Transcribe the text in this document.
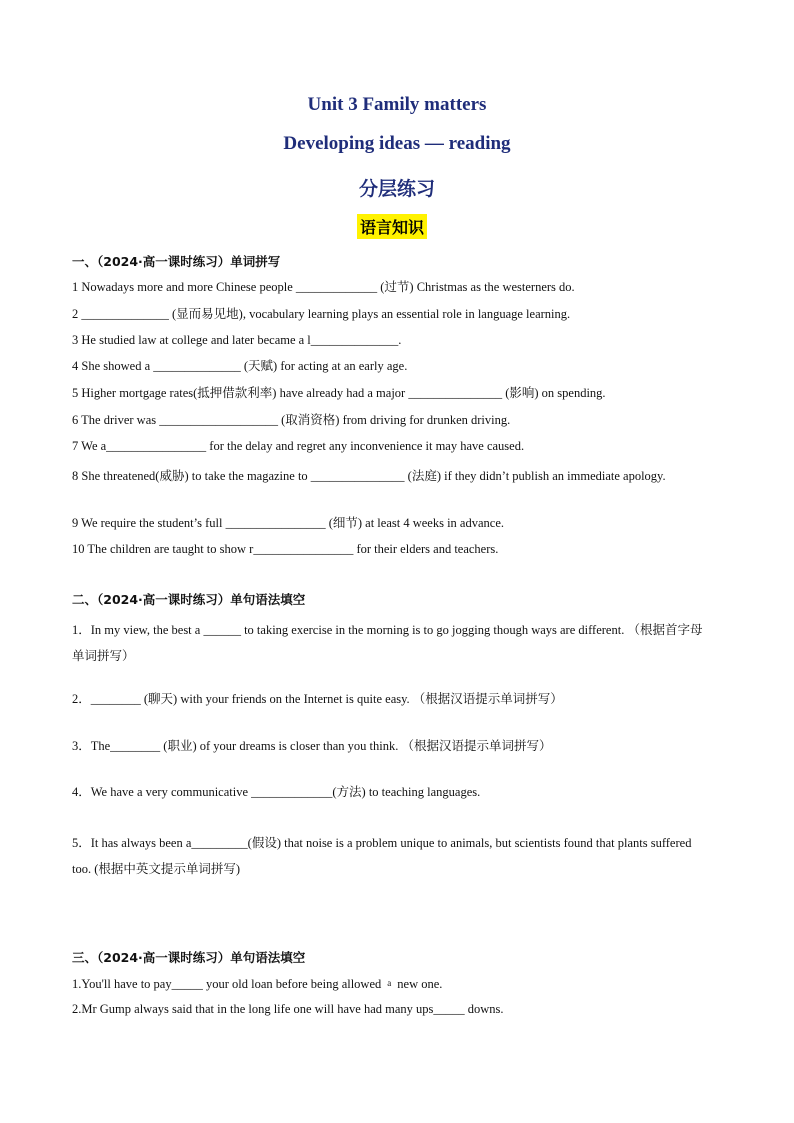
Unit 3 Family matters
Developing ideas — reading
分层练习
语言知识
一、（2024·高一课时练习）单词拼写
1 Nowadays more and more Chinese people _____________ (过节) Christmas as the westerners do.
2 ______________ (显而易见地), vocabulary learning plays an essential role in language learning.
3 He studied law at college and later became a l______________.
4 She showed a ______________ (天赋) for acting at an early age.
5 Higher mortgage rates(抵押借款利率) have already had a major _______________ (影响) on spending.
6 The driver was ___________________ (取消资格) from driving for drunken driving.
7 We a________________ for the delay and regret any inconvenience it may have caused.
8 She threatened(威胁) to take the magazine to _______________ (法庭) if they didn’t publish an immediate apology.
9 We require the student’s full ________________ (细节) at least 4 weeks in advance.
10 The children are taught to show r________________ for their elders and teachers.
二、（2024·高一课时练习）单句语法填空
1．In my view, the best a ______ to taking exercise in the morning is to go jogging though ways are different. （根据首字母单词拼写）
2．________ (聊天) with your friends on the Internet is quite easy. （根据汉语提示单词拼写）
3．The________ (职业) of your dreams is closer than you think. （根据汉语提示单词拼写）
4．We have a very communicative _____________(方法) to teaching languages.
5．It has always been a_________(假设) that noise is a problem unique to animals, but scientists found that plants suffered too. (根据中英文提示单词拼写)
三、（2024·高一课时练习）单句语法填空
1.You'll have to pay_____ your old loan before being allowed a new one.
2.Mr Gump always said that in the long life one will have had many ups_____ downs.
